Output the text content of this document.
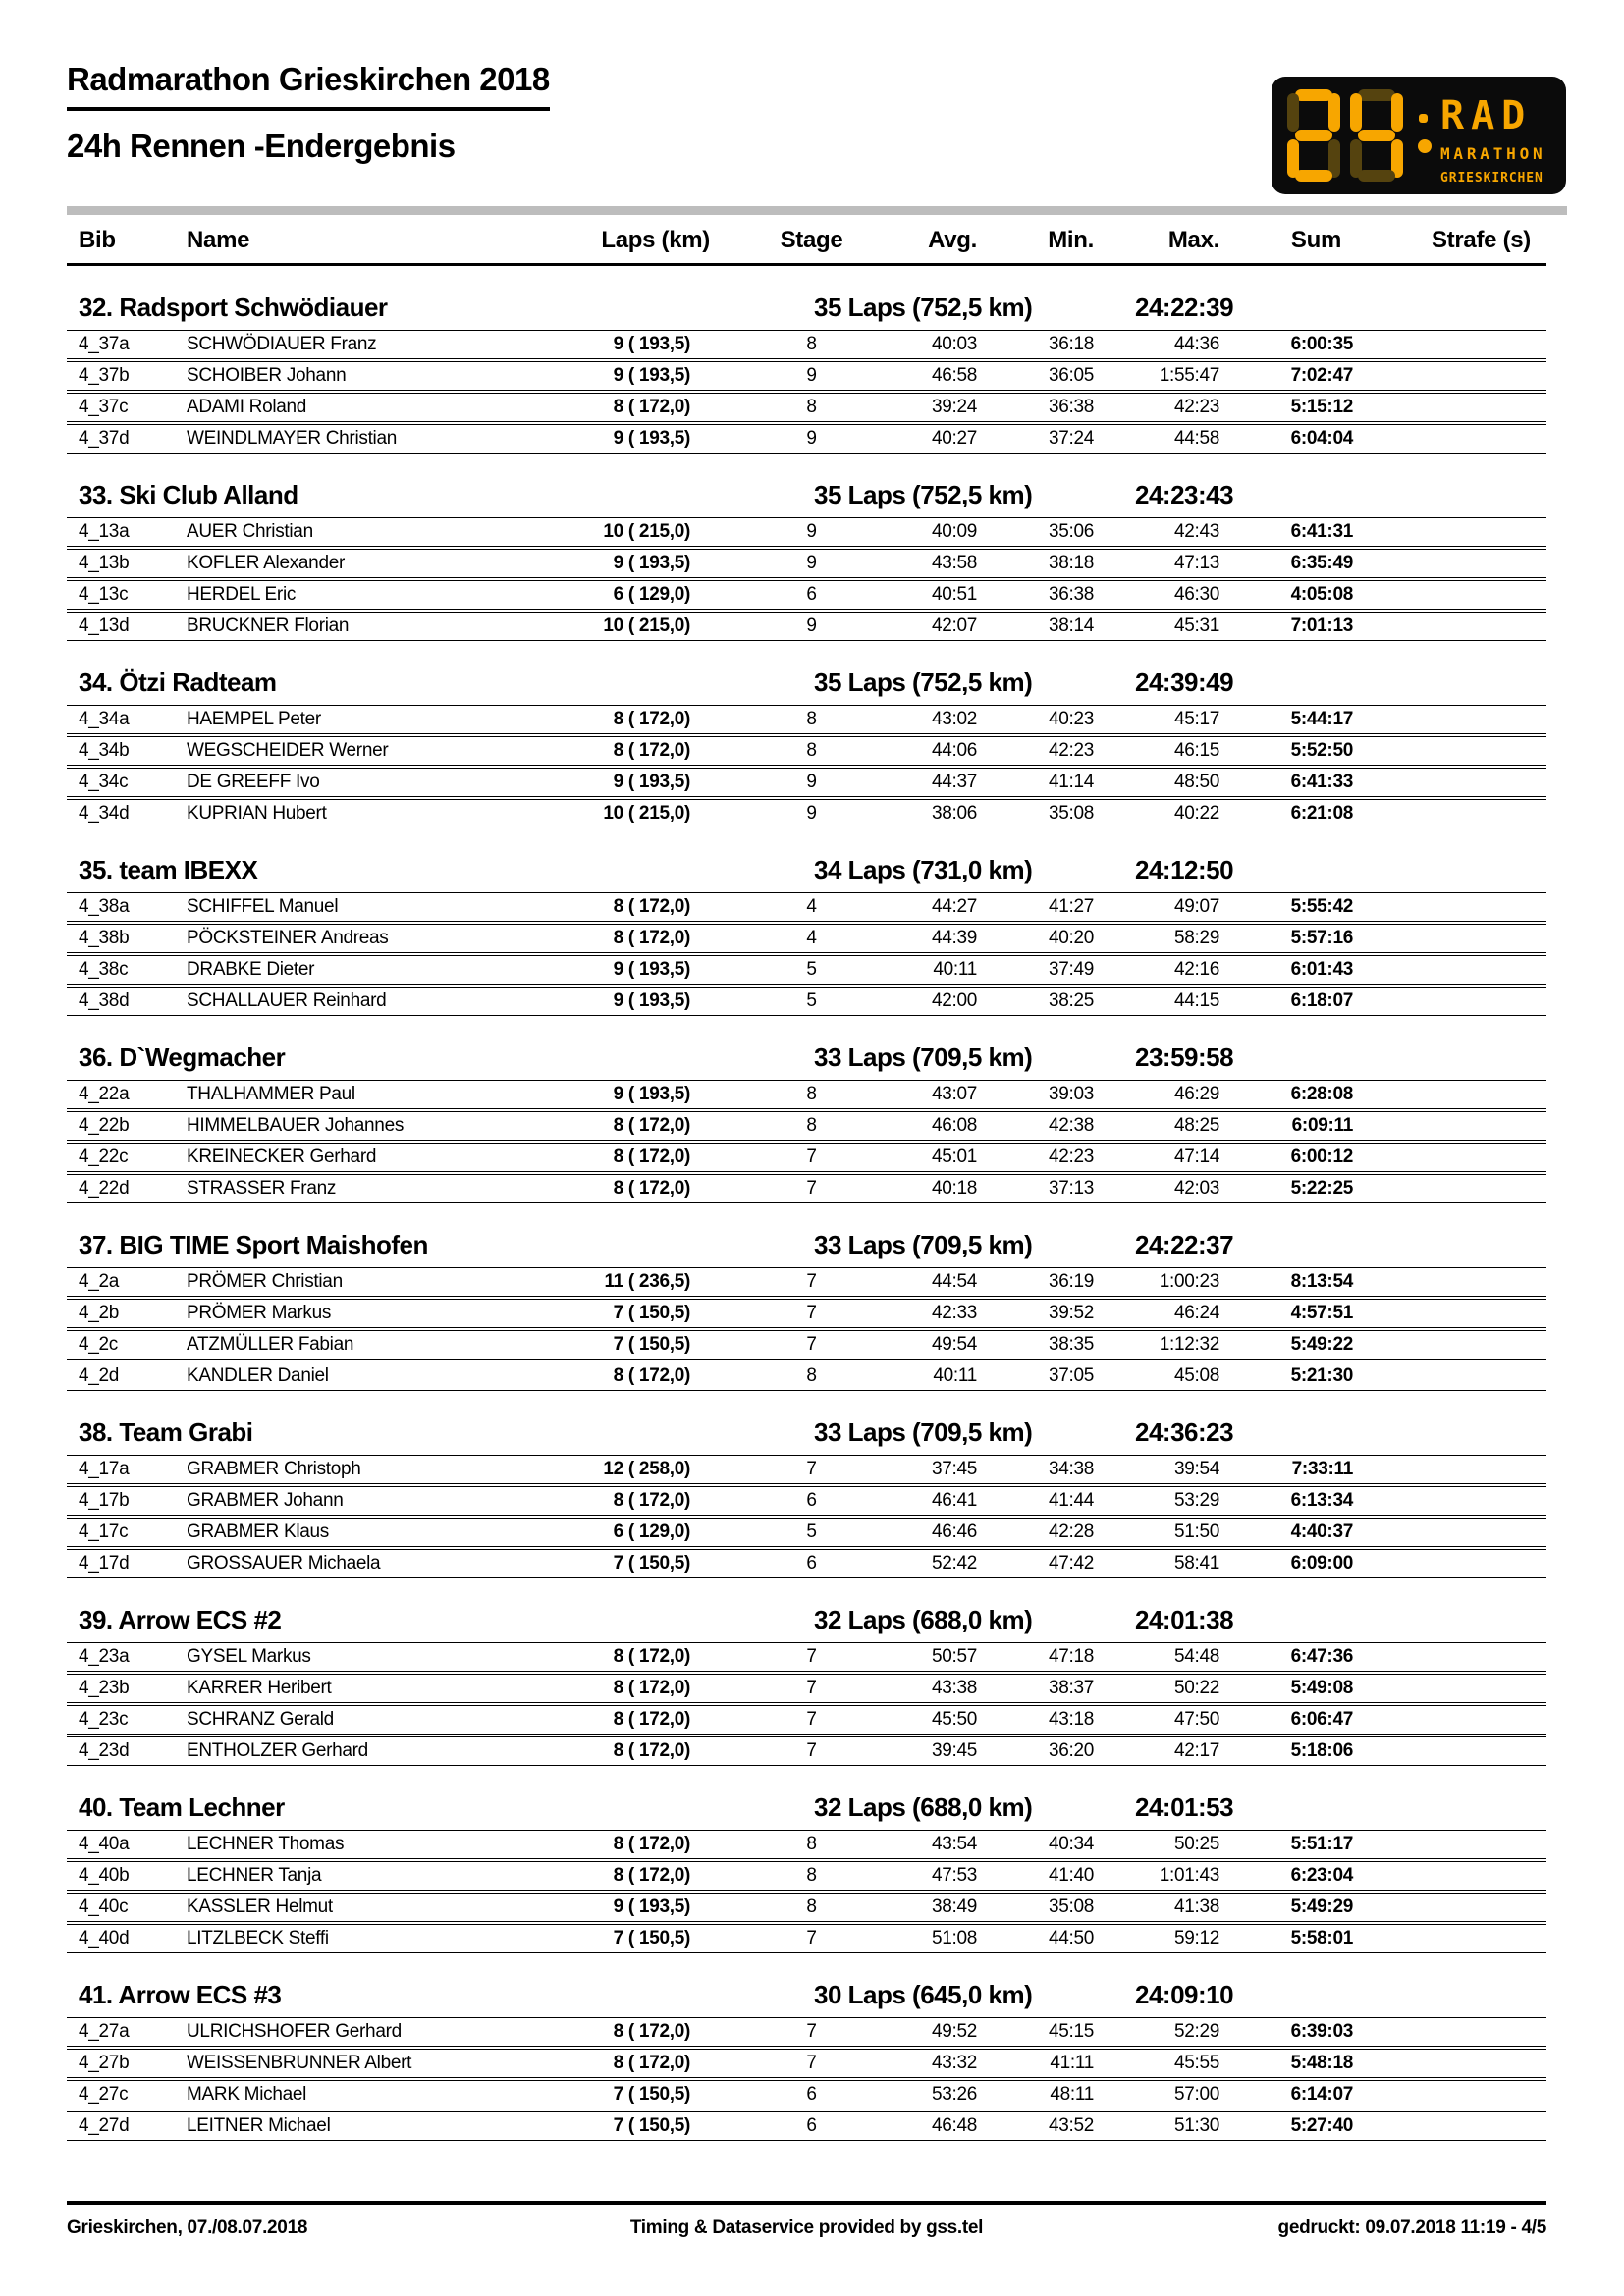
Radmarathon Grieskirchen 2018
24h Rennen -Endergebnis
RAD
MARATHON
GRIESKIRCHEN
Bib	Name	Laps (km)	Stage	Avg.	Min.	Max.	Sum	Strafe (s)
32. Radsport Schwödiauer	35 Laps (752,5 km)	24:22:39
4_37a	SCHWÖDIAUER Franz	9 ( 193,5)	8	40:03	36:18	44:36	6:00:35
4_37b	SCHOIBER Johann	9 ( 193,5)	9	46:58	36:05	1:55:47	7:02:47
4_37c	ADAMI Roland	8 ( 172,0)	8	39:24	36:38	42:23	5:15:12
4_37d	WEINDLMAYER Christian	9 ( 193,5)	9	40:27	37:24	44:58	6:04:04
33. Ski Club Alland	35 Laps (752,5 km)	24:23:43
4_13a	AUER Christian	10 ( 215,0)	9	40:09	35:06	42:43	6:41:31
4_13b	KOFLER Alexander	9 ( 193,5)	9	43:58	38:18	47:13	6:35:49
4_13c	HERDEL Eric	6 ( 129,0)	6	40:51	36:38	46:30	4:05:08
4_13d	BRUCKNER Florian	10 ( 215,0)	9	42:07	38:14	45:31	7:01:13
34. Ötzi Radteam	35 Laps (752,5 km)	24:39:49
4_34a	HAEMPEL Peter	8 ( 172,0)	8	43:02	40:23	45:17	5:44:17
4_34b	WEGSCHEIDER Werner	8 ( 172,0)	8	44:06	42:23	46:15	5:52:50
4_34c	DE GREEFF Ivo	9 ( 193,5)	9	44:37	41:14	48:50	6:41:33
4_34d	KUPRIAN Hubert	10 ( 215,0)	9	38:06	35:08	40:22	6:21:08
35. team IBEXX	34 Laps (731,0 km)	24:12:50
4_38a	SCHIFFEL Manuel	8 ( 172,0)	4	44:27	41:27	49:07	5:55:42
4_38b	PÖCKSTEINER Andreas	8 ( 172,0)	4	44:39	40:20	58:29	5:57:16
4_38c	DRABKE Dieter	9 ( 193,5)	5	40:11	37:49	42:16	6:01:43
4_38d	SCHALLAUER Reinhard	9 ( 193,5)	5	42:00	38:25	44:15	6:18:07
36. D`Wegmacher	33 Laps (709,5 km)	23:59:58
4_22a	THALHAMMER Paul	9 ( 193,5)	8	43:07	39:03	46:29	6:28:08
4_22b	HIMMELBAUER Johannes	8 ( 172,0)	8	46:08	42:38	48:25	6:09:11
4_22c	KREINECKER Gerhard	8 ( 172,0)	7	45:01	42:23	47:14	6:00:12
4_22d	STRASSER Franz	8 ( 172,0)	7	40:18	37:13	42:03	5:22:25
37. BIG TIME Sport Maishofen	33 Laps (709,5 km)	24:22:37
4_2a	PRÖMER Christian	11 ( 236,5)	7	44:54	36:19	1:00:23	8:13:54
4_2b	PRÖMER Markus	7 ( 150,5)	7	42:33	39:52	46:24	4:57:51
4_2c	ATZMÜLLER Fabian	7 ( 150,5)	7	49:54	38:35	1:12:32	5:49:22
4_2d	KANDLER Daniel	8 ( 172,0)	8	40:11	37:05	45:08	5:21:30
38. Team Grabi	33 Laps (709,5 km)	24:36:23
4_17a	GRABMER Christoph	12 ( 258,0)	7	37:45	34:38	39:54	7:33:11
4_17b	GRABMER Johann	8 ( 172,0)	6	46:41	41:44	53:29	6:13:34
4_17c	GRABMER Klaus	6 ( 129,0)	5	46:46	42:28	51:50	4:40:37
4_17d	GROSSAUER Michaela	7 ( 150,5)	6	52:42	47:42	58:41	6:09:00
39. Arrow ECS #2	32 Laps (688,0 km)	24:01:38
4_23a	GYSEL Markus	8 ( 172,0)	7	50:57	47:18	54:48	6:47:36
4_23b	KARRER Heribert	8 ( 172,0)	7	43:38	38:37	50:22	5:49:08
4_23c	SCHRANZ Gerald	8 ( 172,0)	7	45:50	43:18	47:50	6:06:47
4_23d	ENTHOLZER Gerhard	8 ( 172,0)	7	39:45	36:20	42:17	5:18:06
40. Team Lechner	32 Laps (688,0 km)	24:01:53
4_40a	LECHNER Thomas	8 ( 172,0)	8	43:54	40:34	50:25	5:51:17
4_40b	LECHNER Tanja	8 ( 172,0)	8	47:53	41:40	1:01:43	6:23:04
4_40c	KASSLER Helmut	9 ( 193,5)	8	38:49	35:08	41:38	5:49:29
4_40d	LITZLBECK Steffi	7 ( 150,5)	7	51:08	44:50	59:12	5:58:01
41. Arrow ECS #3	30 Laps (645,0 km)	24:09:10
4_27a	ULRICHSHOFER Gerhard	8 ( 172,0)	7	49:52	45:15	52:29	6:39:03
4_27b	WEISSENBRUNNER Albert	8 ( 172,0)	7	43:32	41:11	45:55	5:48:18
4_27c	MARK Michael	7 ( 150,5)	6	53:26	48:11	57:00	6:14:07
4_27d	LEITNER Michael	7 ( 150,5)	6	46:48	43:52	51:30	5:27:40
Grieskirchen, 07./08.07.2018	Timing & Dataservice provided by gss.tel	gedruckt: 09.07.2018 11:19 - 4/5
